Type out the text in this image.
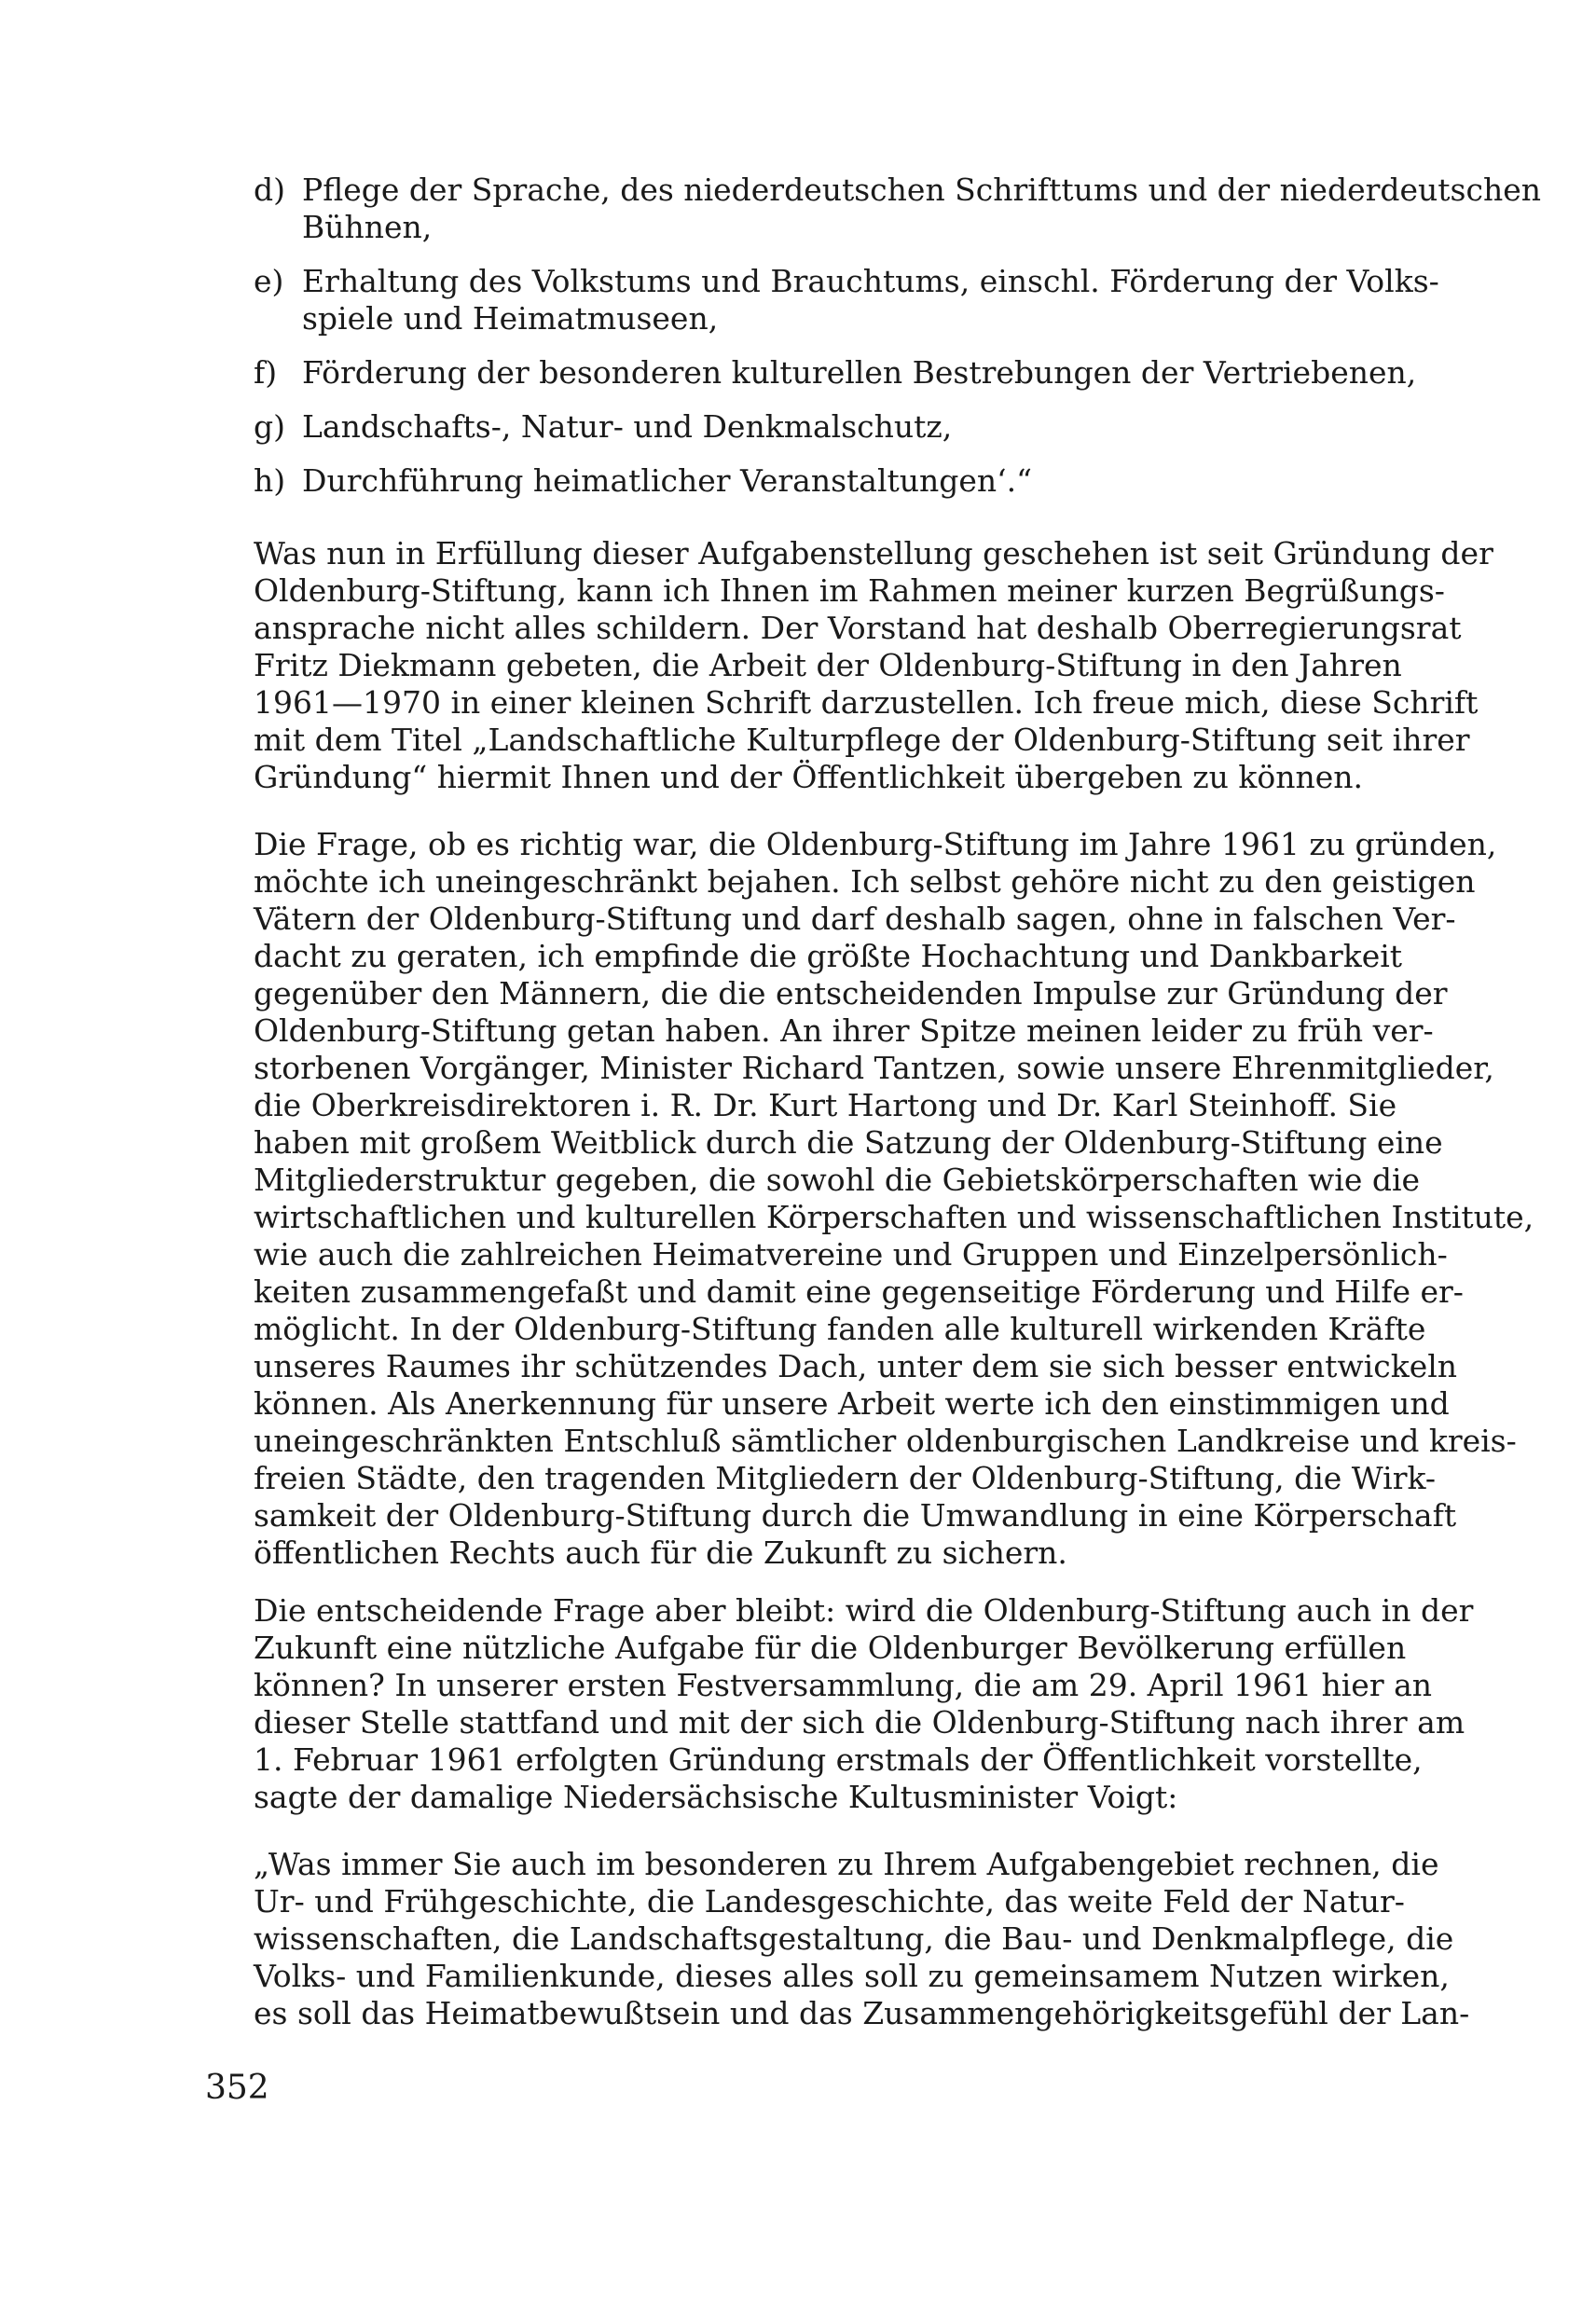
d) Pflege der Sprache, des niederdeutschen Schrifttums und der niederdeutschen
Bühnen,
e) Erhaltung des Volkstums und Brauchtums, einschl. Förderung der Volks-
spiele und Heimatmuseen,
f) Förderung der besonderen kulturellen Bestrebungen der Vertriebenen,
g) Landschafts-, Natur- und Denkmalschutz,
h) Durchführung heimatlicher Veranstaltungen‘.“
Was nun in Erfüllung dieser Aufgabenstellung geschehen ist seit Gründung der
Oldenburg-Stiftung, kann ich Ihnen im Rahmen meiner kurzen Begrüßungs-
ansprache nicht alles schildern. Der Vorstand hat deshalb Oberregierungsrat
Fritz Diekmann gebeten, die Arbeit der Oldenburg-Stiftung in den Jahren
1961—1970 in einer kleinen Schrift darzustellen. Ich freue mich, diese Schrift
mit dem Titel „Landschaftliche Kulturpflege der Oldenburg-Stiftung seit ihrer
Gründung“ hiermit Ihnen und der Öffentlichkeit übergeben zu können.
Die Frage, ob es richtig war, die Oldenburg-Stiftung im Jahre 1961 zu gründen,
möchte ich uneingeschränkt bejahen. Ich selbst gehöre nicht zu den geistigen
Vätern der Oldenburg-Stiftung und darf deshalb sagen, ohne in falschen Ver-
dacht zu geraten, ich empfinde die größte Hochachtung und Dankbarkeit
gegenüber den Männern, die die entscheidenden Impulse zur Gründung der
Oldenburg-Stiftung getan haben. An ihrer Spitze meinen leider zu früh ver-
storbenen Vorgänger, Minister Richard Tantzen, sowie unsere Ehrenmitglieder,
die Oberkreisdirektoren i. R. Dr. Kurt Hartong und Dr. Karl Steinhoff. Sie
haben mit großem Weitblick durch die Satzung der Oldenburg-Stiftung eine
Mitgliederstruktur gegeben, die sowohl die Gebietskörperschaften wie die
wirtschaftlichen und kulturellen Körperschaften und wissenschaftlichen Institute,
wie auch die zahlreichen Heimatvereine und Gruppen und Einzelpersönlich-
keiten zusammengefaßt und damit eine gegenseitige Förderung und Hilfe er-
möglicht. In der Oldenburg-Stiftung fanden alle kulturell wirkenden Kräfte
unseres Raumes ihr schützendes Dach, unter dem sie sich besser entwickeln
können. Als Anerkennung für unsere Arbeit werte ich den einstimmigen und
uneingeschränkten Entschluß sämtlicher oldenburgischen Landkreise und kreis-
freien Städte, den tragenden Mitgliedern der Oldenburg-Stiftung, die Wirk-
samkeit der Oldenburg-Stiftung durch die Umwandlung in eine Körperschaft
öffentlichen Rechts auch für die Zukunft zu sichern.
Die entscheidende Frage aber bleibt: wird die Oldenburg-Stiftung auch in der
Zukunft eine nützliche Aufgabe für die Oldenburger Bevölkerung erfüllen
können? In unserer ersten Festversammlung, die am 29. April 1961 hier an
dieser Stelle stattfand und mit der sich die Oldenburg-Stiftung nach ihrer am
1. Februar 1961 erfolgten Gründung erstmals der Öffentlichkeit vorstellte,
sagte der damalige Niedersächsische Kultusminister Voigt:
„Was immer Sie auch im besonderen zu Ihrem Aufgabengebiet rechnen, die
Ur- und Frühgeschichte, die Landesgeschichte, das weite Feld der Natur-
wissenschaften, die Landschaftsgestaltung, die Bau- und Denkmalpflege, die
Volks- und Familienkunde, dieses alles soll zu gemeinsamem Nutzen wirken,
es soll das Heimatbewußtsein und das Zusammengehörigkeitsgefühl der Lan-
352
